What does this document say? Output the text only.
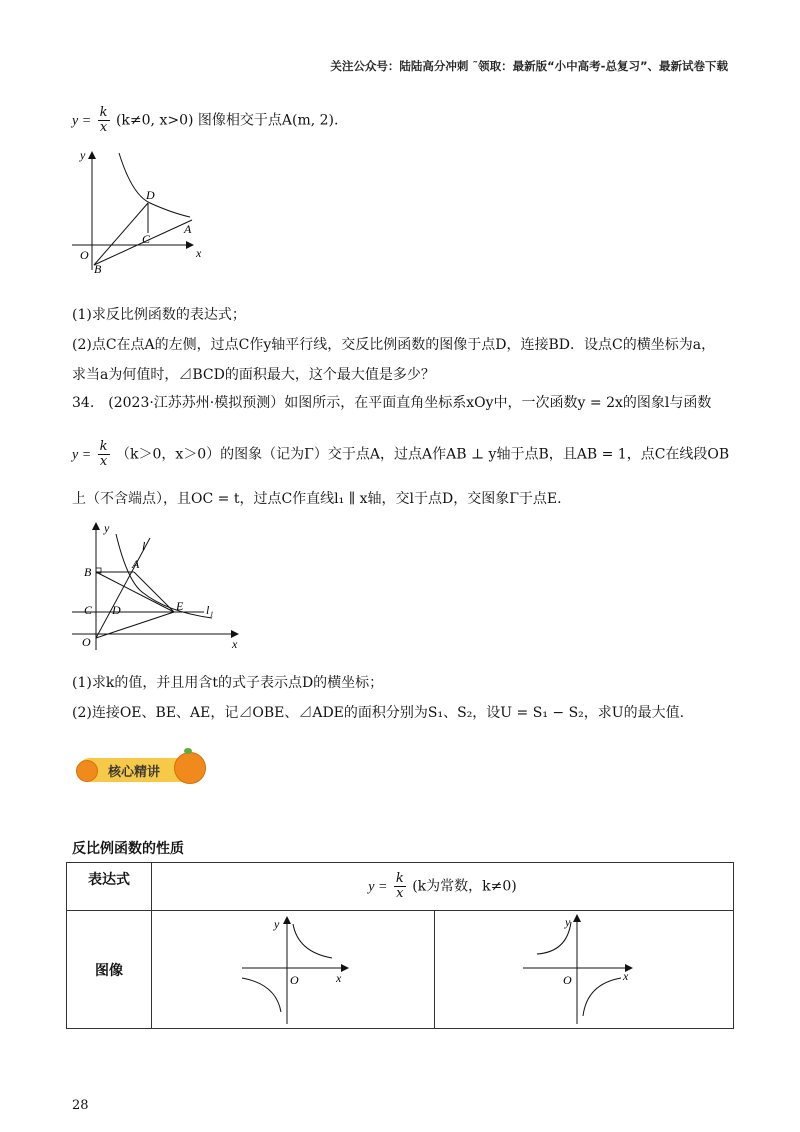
关注公众号：陆陆高分冲刺 ˜领取：最新版“小中高考-总复习”、最新试卷下载
$y = \frac{k}{x} (k\ne 0$, x>0) 图像相交于点A(m, 2).
y
x
O
B
D
C
A
(1)求反比例函数的表达式；
(2)点C在点A的左侧，过点C作y轴平行线，交反比例函数的图像于点D，连接BD．设点C的横坐标为a，
求当a为何值时，⊿BCD的面积最大，这个最大值是多少？
34.　(2023·江苏苏州·模拟预测）如图所示，在平面直角坐标系xOy中，一次函数y = 2x的图象l与函数
$y = \frac{k}{x} (k>0$，x＞0）的图象（记为Γ）交于点A，过点A作AB ⊥ y轴于点B，且AB = 1，点C在线段OB
上（不含端点），且OC = t，过点C作直线l₁ ∥ x轴，交l于点D，交图象Γ于点E.
y
x
l
l₁
B
A
C D	E
O
(1)求k的值，并且用含t的式子表示点D的横坐标；
(2)连接OE、BE、AE，记⊿OBE、⊿ADE的面积分别为S₁、S₂，设U = S₁ − S₂，求U的最大值.
核心精讲
反比例函数的性质
表达式	$y = \frac{k}{x} (k$为常数，k≠0)	
图像	y
x
O	y
x
O
28
